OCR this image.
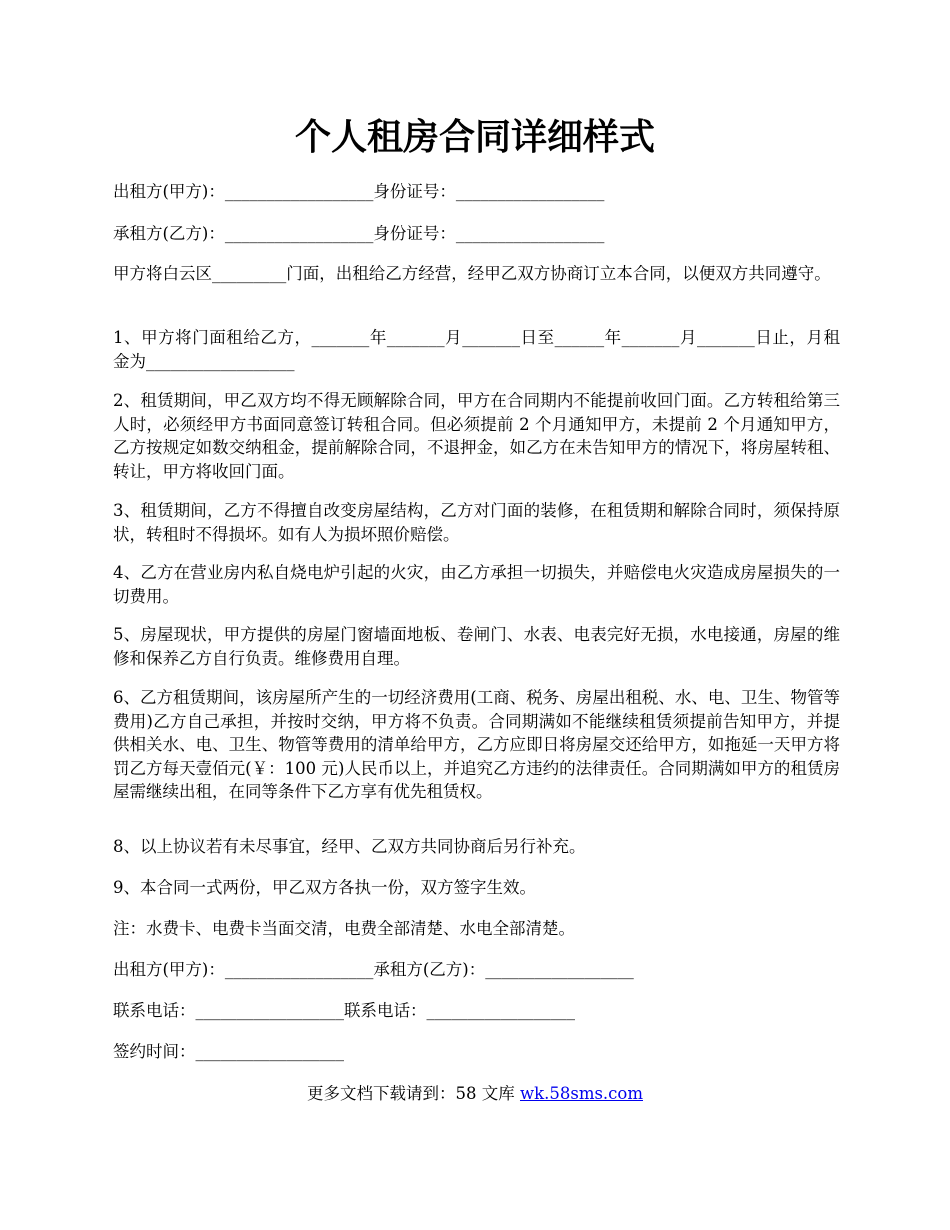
个人租房合同详细样式

出租方(甲方)：__________________身份证号：__________________

承租方(乙方)：__________________身份证号：__________________

甲方将白云区_________门面，出租给乙方经营，经甲乙双方协商订立本合同，以便双方共同遵守。

1、甲方将门面租给乙方，_______年_______月_______日至______年_______月_______日止，月租金为__________________

2、租赁期间，甲乙双方均不得无顾解除合同，甲方在合同期内不能提前收回门面。乙方转租给第三人时，必须经甲方书面同意签订转租合同。但必须提前 2 个月通知甲方，未提前 2 个月通知甲方，乙方按规定如数交纳租金，提前解除合同，不退押金，如乙方在未告知甲方的情况下，将房屋转租、转让，甲方将收回门面。

3、租赁期间，乙方不得擅自改变房屋结构，乙方对门面的装修，在租赁期和解除合同时，须保持原状，转租时不得损坏。如有人为损坏照价赔偿。

4、乙方在营业房内私自烧电炉引起的火灾，由乙方承担一切损失，并赔偿电火灾造成房屋损失的一切费用。

5、房屋现状，甲方提供的房屋门窗墙面地板、卷闸门、水表、电表完好无损，水电接通，房屋的维修和保养乙方自行负责。维修费用自理。

6、乙方租赁期间，该房屋所产生的一切经济费用(工商、税务、房屋出租税、水、电、卫生、物管等费用)乙方自己承担，并按时交纳，甲方将不负责。合同期满如不能继续租赁须提前告知甲方，并提供相关水、电、卫生、物管等费用的清单给甲方，乙方应即日将房屋交还给甲方，如拖延一天甲方将罚乙方每天壹佰元(￥：100 元)人民币以上，并追究乙方违约的法律责任。合同期满如甲方的租赁房屋需继续出租，在同等条件下乙方享有优先租赁权。

8、以上协议若有未尽事宜，经甲、乙双方共同协商后另行补充。

9、本合同一式两份，甲乙双方各执一份，双方签字生效。

注：水费卡、电费卡当面交清，电费全部清楚、水电全部清楚。

出租方(甲方)：__________________承租方(乙方)：__________________

联系电话：__________________联系电话：__________________

签约时间：__________________

更多文档下载请到：58 文库 wk.58sms.com
